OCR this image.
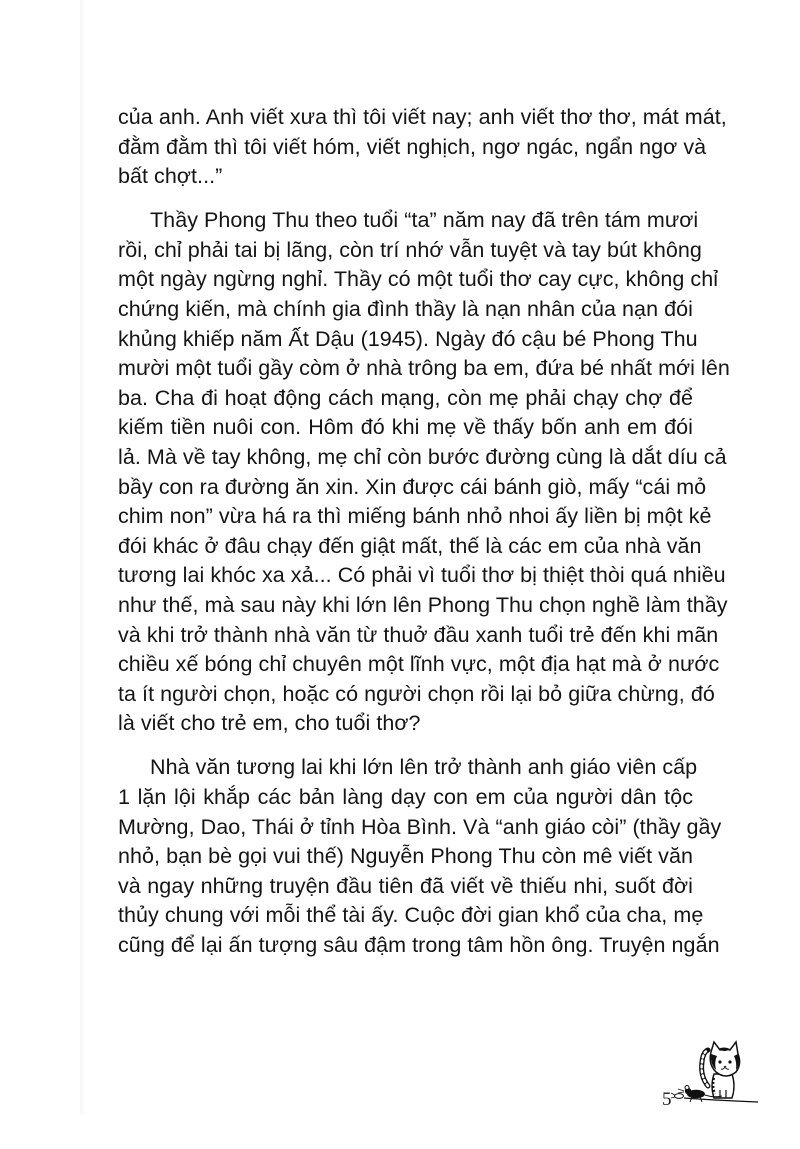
của anh. Anh viết xưa thì tôi viết nay; anh viết thơ thơ, mát mát,
đằm đằm thì tôi viết hóm, viết nghịch, ngơ ngác, ngẩn ngơ và
bất chợt...”

Thầy Phong Thu theo tuổi “ta” năm nay đã trên tám mươi
rồi, chỉ phải tai bị lãng, còn trí nhớ vẫn tuyệt và tay bút không
một ngày ngừng nghỉ. Thầy có một tuổi thơ cay cực, không chỉ
chứng kiến, mà chính gia đình thầy là nạn nhân của nạn đói
khủng khiếp năm Ất Dậu (1945). Ngày đó cậu bé Phong Thu
mười một tuổi gầy còm ở nhà trông ba em, đứa bé nhất mới lên
ba. Cha đi hoạt động cách mạng, còn mẹ phải chạy chợ để
kiếm tiền nuôi con. Hôm đó khi mẹ về thấy bốn anh em đói
lả. Mà về tay không, mẹ chỉ còn bước đường cùng là dắt díu cả
bầy con ra đường ăn xin. Xin được cái bánh giò, mấy “cái mỏ
chim non” vừa há ra thì miếng bánh nhỏ nhoi ấy liền bị một kẻ
đói khác ở đâu chạy đến giật mất, thế là các em của nhà văn
tương lai khóc xa xả... Có phải vì tuổi thơ bị thiệt thòi quá nhiều
như thế, mà sau này khi lớn lên Phong Thu chọn nghề làm thầy
và khi trở thành nhà văn từ thuở đầu xanh tuổi trẻ đến khi mãn
chiều xế bóng chỉ chuyên một lĩnh vực, một địa hạt mà ở nước
ta ít người chọn, hoặc có người chọn rồi lại bỏ giữa chừng, đó
là viết cho trẻ em, cho tuổi thơ?

Nhà văn tương lai khi lớn lên trở thành anh giáo viên cấp
1 lặn lội khắp các bản làng dạy con em của người dân tộc
Mường, Dao, Thái ở tỉnh Hòa Bình. Và “anh giáo còi” (thầy gầy
nhỏ, bạn bè gọi vui thế) Nguyễn Phong Thu còn mê viết văn
và ngay những truyện đầu tiên đã viết về thiếu nhi, suốt đời
thủy chung với mỗi thể tài ấy. Cuộc đời gian khổ của cha, mẹ
cũng để lại ấn tượng sâu đậm trong tâm hồn ông. Truyện ngắn

5
